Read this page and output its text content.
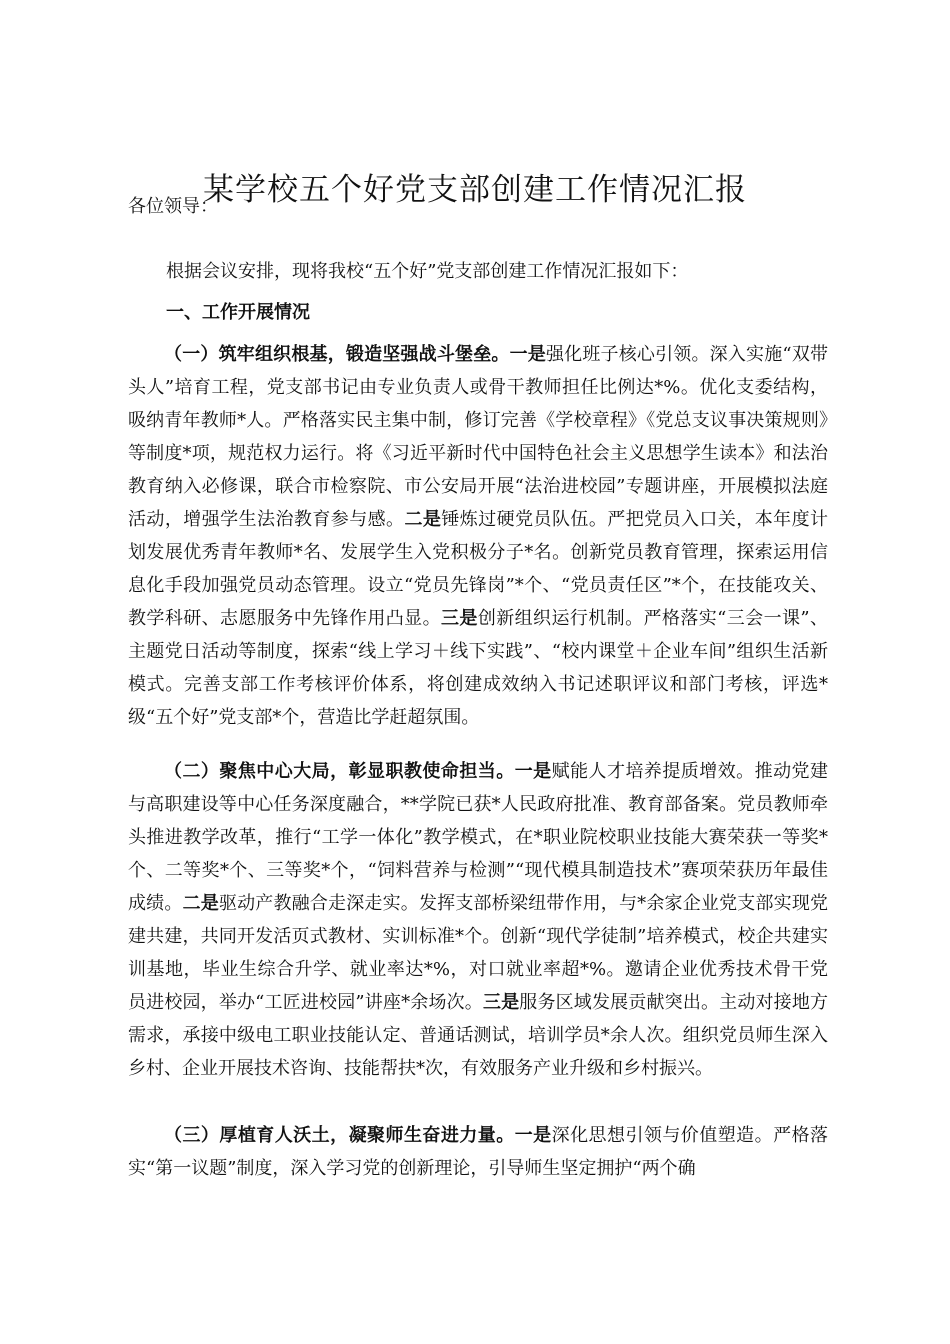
某学校五个好党支部创建工作情况汇报
各位领导：
根据会议安排，现将我校“五个好”党支部创建工作情况汇报如下：
一、工作开展情况

（一）筑牢组织根基，锻造坚强战斗堡垒。一是强化班子核心引领。深入实施“双带头人”培育工程，党支部书记由专业负责人或骨干教师担任比例达*%。优化支委结构，吸纳青年教师*人。严格落实民主集中制，修订完善《学校章程》《党总支议事决策规则》等制度*项，规范权力运行。将《习近平新时代中国特色社会主义思想学生读本》和法治教育纳入必修课，联合市检察院、市公安局开展“法治进校园”专题讲座，开展模拟法庭活动，增强学生法治教育参与感。二是锤炼过硬党员队伍。严把党员入口关，本年度计划发展优秀青年教师*名、发展学生入党积极分子*名。创新党员教育管理，探索运用信息化手段加强党员动态管理。设立“党员先锋岗”*个、“党员责任区”*个，在技能攻关、教学科研、志愿服务中先锋作用凸显。三是创新组织运行机制。严格落实“三会一课”、主题党日活动等制度，探索“线上学习＋线下实践”、“校内课堂＋企业车间”组织生活新模式。完善支部工作考核评价体系，将创建成效纳入书记述职评议和部门考核，评选*级“五个好”党支部*个，营造比学赶超氛围。

（二）聚焦中心大局，彰显职教使命担当。一是赋能人才培养提质增效。推动党建与高职建设等中心任务深度融合，**学院已获*人民政府批准、教育部备案。党员教师牵头推进教学改革，推行“工学一体化”教学模式，在*职业院校职业技能大赛荣获一等奖*个、二等奖*个、三等奖*个，“饲料营养与检测”“现代模具制造技术”赛项荣获历年最佳成绩。二是驱动产教融合走深走实。发挥支部桥梁纽带作用，与*余家企业党支部实现党建共建，共同开发活页式教材、实训标准*个。创新“现代学徒制”培养模式，校企共建实训基地，毕业生综合升学、就业率达*%，对口就业率超*%。邀请企业优秀技术骨干党员进校园，举办“工匠进校园”讲座*余场次。三是服务区域发展贡献突出。主动对接地方需求，承接中级电工职业技能认定、普通话测试，培训学员*余人次。组织党员师生深入乡村、企业开展技术咨询、技能帮扶*次，有效服务产业升级和乡村振兴。

（三）厚植育人沃土，凝聚师生奋进力量。一是深化思想引领与价值塑造。严格落实“第一议题”制度，深入学习党的创新理论，引导师生坚定拥护“两个确
